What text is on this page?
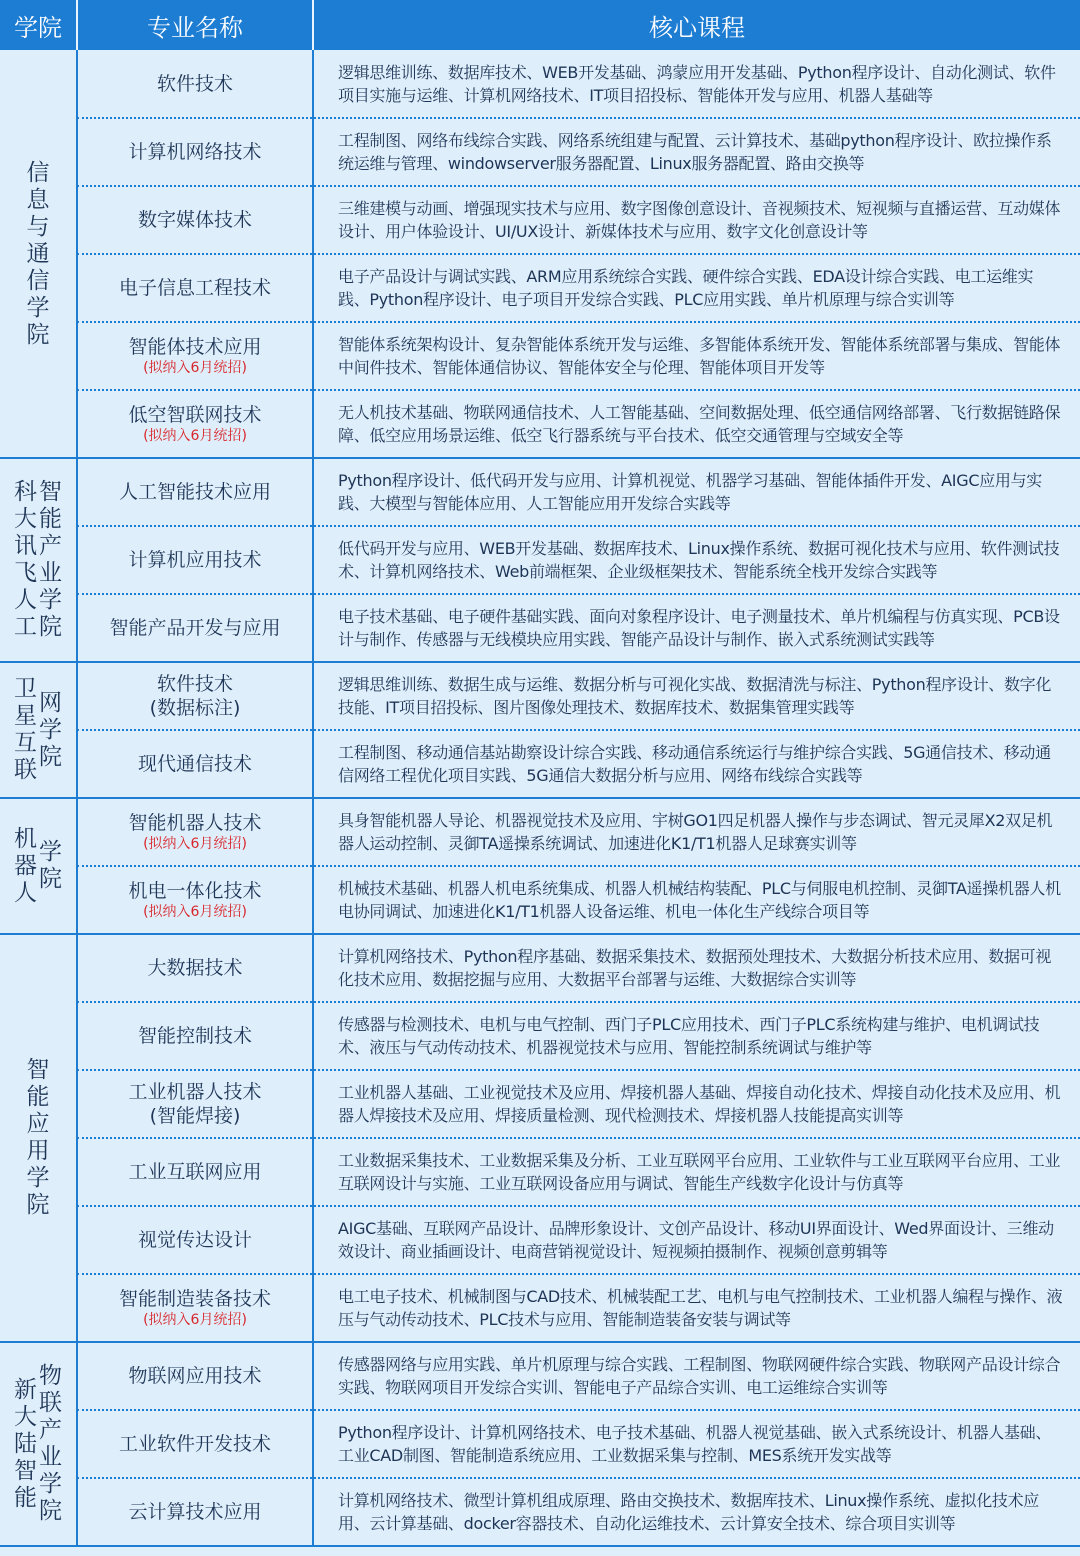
学院	专业名称	核心课程
信
息
与
通
信
学
院
软件技术
逻辑思维训练、数据库技术、WEB开发基础、鸿蒙应用开发基础、Python程序设计、自动化测试、软件项目实施与运维、计算机网络技术、IT项目招投标、智能体开发与应用、机器人基础等
计算机网络技术
工程制图、网络布线综合实践、网络系统组建与配置、云计算技术、基础python程序设计、欧拉操作系统运维与管理、windowserver服务器配置、Linux服务器配置、路由交换等
数字媒体技术
三维建模与动画、增强现实技术与应用、数字图像创意设计、音视频技术、短视频与直播运营、互动媒体设计、用户体验设计、UI/UX设计、新媒体技术与应用、数字文化创意设计等
电子信息工程技术
电子产品设计与调试实践、ARM应用系统综合实践、硬件综合实践、EDA设计综合实践、电工运维实践、Python程序设计、电子项目开发综合实践、PLC应用实践、单片机原理与综合实训等
智能体技术应用
(拟纳入6月统招)
智能体系统架构设计、复杂智能体系统开发与运维、多智能体系统开发、智能体系统部署与集成、智能体中间件技术、智能体通信协议、智能体安全与伦理、智能体项目开发等
低空智联网技术
(拟纳入6月统招)
无人机技术基础、物联网通信技术、人工智能基础、空间数据处理、低空通信网络部署、飞行数据链路保障、低空应用场景运维、低空飞行器系统与平台技术、低空交通管理与空域安全等
智
能
产
业
学
院
科
大
讯
飞
人
工
人工智能技术应用
Python程序设计、低代码开发与应用、计算机视觉、机器学习基础、智能体插件开发、AIGC应用与实践、大模型与智能体应用、人工智能应用开发综合实践等
计算机应用技术
低代码开发与应用、WEB开发基础、数据库技术、Linux操作系统、数据可视化技术与应用、软件测试技术、计算机网络技术、Web前端框架、企业级框架技术、智能系统全栈开发综合实践等
智能产品开发与应用
电子技术基础、电子硬件基础实践、面向对象程序设计、电子测量技术、单片机编程与仿真实现、PCB设计与制作、传感器与无线模块应用实践、智能产品设计与制作、嵌入式系统测试实践等
网
学
院
卫
星
互
联
软件技术
(数据标注)
逻辑思维训练、数据生成与运维、数据分析与可视化实战、数据清洗与标注、Python程序设计、数字化技能、IT项目招投标、图片图像处理技术、数据库技术、数据集管理实践等
现代通信技术
工程制图、移动通信基站勘察设计综合实践、移动通信系统运行与维护综合实践、5G通信技术、移动通信网络工程优化项目实践、5G通信大数据分析与应用、网络布线综合实践等
学
院
机
器
人
智能机器人技术
(拟纳入6月统招)
具身智能机器人导论、机器视觉技术及应用、宇树GO1四足机器人操作与步态调试、智元灵犀X2双足机器人运动控制、灵御TA遥操系统调试、加速进化K1/T1机器人足球赛实训等
机电一体化技术
(拟纳入6月统招)
机械技术基础、机器人机电系统集成、机器人机械结构装配、PLC与伺服电机控制、灵御TA遥操机器人机电协同调试、加速进化K1/T1机器人设备运维、机电一体化生产线综合项目等
智
能
应
用
学
院
大数据技术
计算机网络技术、Python程序基础、数据采集技术、数据预处理技术、大数据分析技术应用、数据可视化技术应用、数据挖掘与应用、大数据平台部署与运维、大数据综合实训等
智能控制技术
传感器与检测技术、电机与电气控制、西门子PLC应用技术、西门子PLC系统构建与维护、电机调试技术、液压与气动传动技术、机器视觉技术与应用、智能控制系统调试与维护等
工业机器人技术
(智能焊接)
工业机器人基础、工业视觉技术及应用、焊接机器人基础、焊接自动化技术、焊接自动化技术及应用、机器人焊接技术及应用、焊接质量检测、现代检测技术、焊接机器人技能提高实训等
工业互联网应用
工业数据采集技术、工业数据采集及分析、工业互联网平台应用、工业软件与工业互联网平台应用、工业互联网设计与实施、工业互联网设备应用与调试、智能生产线数字化设计与仿真等
视觉传达设计
AIGC基础、互联网产品设计、品牌形象设计、文创产品设计、移动UI界面设计、Wed界面设计、三维动效设计、商业插画设计、电商营销视觉设计、短视频拍摄制作、视频创意剪辑等
智能制造装备技术
(拟纳入6月统招)
电工电子技术、机械制图与CAD技术、机械装配工艺、电机与电气控制技术、工业机器人编程与操作、液压与气动传动技术、PLC技术与应用、智能制造装备安装与调试等
物
联
产
业
学
院
新
大
陆
智
能
物联网应用技术
传感器网络与应用实践、单片机原理与综合实践、工程制图、物联网硬件综合实践、物联网产品设计综合实践、物联网项目开发综合实训、智能电子产品综合实训、电工运维综合实训等
工业软件开发技术
Python程序设计、计算机网络技术、电子技术基础、机器人视觉基础、嵌入式系统设计、机器人基础、工业CAD制图、智能制造系统应用、工业数据采集与控制、MES系统开发实战等
云计算技术应用
计算机网络技术、微型计算机组成原理、路由交换技术、数据库技术、Linux操作系统、虚拟化技术应用、云计算基础、docker容器技术、自动化运维技术、云计算安全技术、综合项目实训等
